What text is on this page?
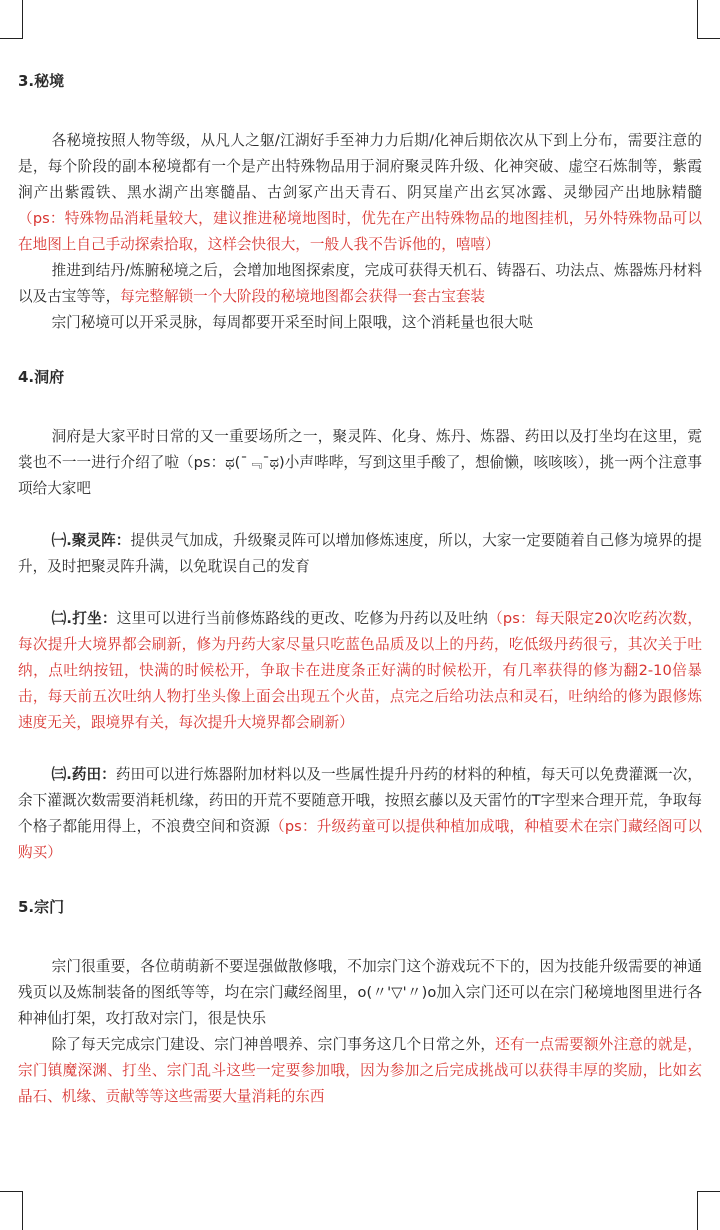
3.秘境

各秘境按照人物等级，从凡人之躯/江湖好手至神力力后期/化神后期依次从下到上分布，需要注意的是，每个阶段的副本秘境都有一个是产出特殊物品用于洞府聚灵阵升级、化神突破、虚空石炼制等，紫霞涧产出紫霞铁、黑水湖产出寒髓晶、古剑冢产出天青石、阴冥崖产出玄冥冰露、灵缈园产出地脉精髓（ps：特殊物品消耗量较大，建议推进秘境地图时，优先在产出特殊物品的地图挂机，另外特殊物品可以在地图上自己手动探索拾取，这样会快很大，一般人我不告诉他的，嘻嘻）

推进到结丹/炼腑秘境之后，会增加地图探索度，完成可获得天机石、铸器石、功法点、炼器炼丹材料以及古宝等等，每完整解锁一个大阶段的秘境地图都会获得一套古宝套装

宗门秘境可以开采灵脉，每周都要开采至时间上限哦，这个消耗量也很大哒

4.洞府

洞府是大家平时日常的又一重要场所之一，聚灵阵、化身、炼丹、炼器、药田以及打坐均在这里，霓裳也不一一进行介绍了啦（ps：ಥ(¯﹃¯ಥ)小声哔哔，写到这里手酸了，想偷懒，咳咳咳），挑一两个注意事项给大家吧

㈠.聚灵阵：提供灵气加成，升级聚灵阵可以增加修炼速度，所以，大家一定要随着自己修为境界的提升，及时把聚灵阵升满，以免耽误自己的发育

㈡.打坐：这里可以进行当前修炼路线的更改、吃修为丹药以及吐纳（ps：每天限定20次吃药次数，每次提升大境界都会刷新，修为丹药大家尽量只吃蓝色品质及以上的丹药，吃低级丹药很亏，其次关于吐纳，点吐纳按钮，快满的时候松开，争取卡在进度条正好满的时候松开，有几率获得的修为翻2-10倍暴击，每天前五次吐纳人物打坐头像上面会出现五个火苗，点完之后给功法点和灵石，吐纳给的修为跟修炼速度无关，跟境界有关，每次提升大境界都会刷新）

㈢.药田：药田可以进行炼器附加材料以及一些属性提升丹药的材料的种植，每天可以免费灌溉一次，余下灌溉次数需要消耗机缘，药田的开荒不要随意开哦，按照玄藤以及天雷竹的T字型来合理开荒，争取每个格子都能用得上，不浪费空间和资源（ps：升级药童可以提供种植加成哦，种植要术在宗门藏经阁可以购买）

5.宗门

宗门很重要，各位萌萌新不要逞强做散修哦，不加宗门这个游戏玩不下的，因为技能升级需要的神通残页以及炼制装备的图纸等等，均在宗门藏经阁里，o(〃'▽'〃)o加入宗门还可以在宗门秘境地图里进行各种神仙打架，攻打敌对宗门，很是快乐

除了每天完成宗门建设、宗门神兽喂养、宗门事务这几个日常之外，还有一点需要额外注意的就是，宗门镇魔深渊、打坐、宗门乱斗这些一定要参加哦，因为参加之后完成挑战可以获得丰厚的奖励，比如玄晶石、机缘、贡献等等这些需要大量消耗的东西
